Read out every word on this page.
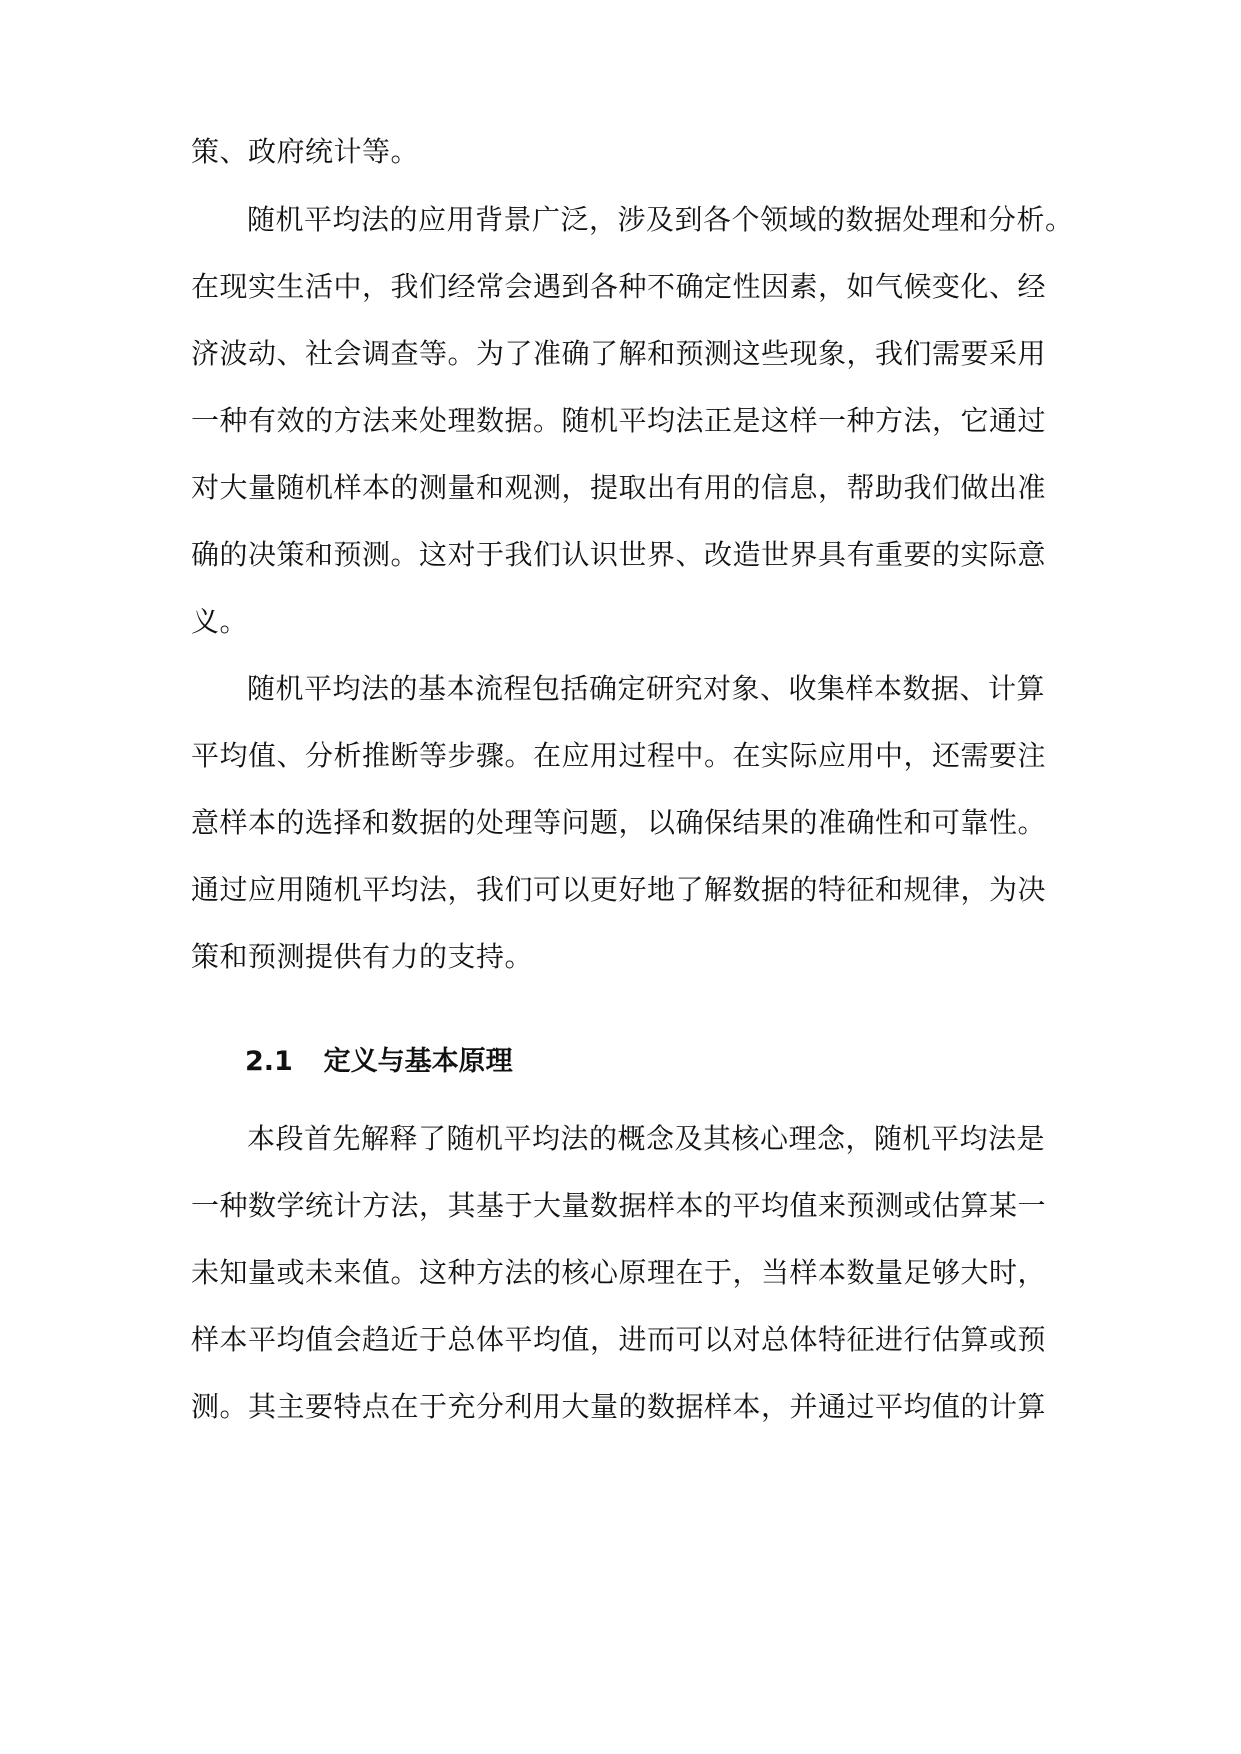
策、政府统计等。
随机平均法的应用背景广泛，涉及到各个领域的数据处理和分析。
在现实生活中，我们经常会遇到各种不确定性因素，如气候变化、经
济波动、社会调查等。为了准确了解和预测这些现象，我们需要采用
一种有效的方法来处理数据。随机平均法正是这样一种方法，它通过
对大量随机样本的测量和观测，提取出有用的信息，帮助我们做出准
确的决策和预测。这对于我们认识世界、改造世界具有重要的实际意
义。
随机平均法的基本流程包括确定研究对象、收集样本数据、计算
平均值、分析推断等步骤。在应用过程中。在实际应用中，还需要注
意样本的选择和数据的处理等问题，以确保结果的准确性和可靠性。
通过应用随机平均法，我们可以更好地了解数据的特征和规律，为决
策和预测提供有力的支持。
2.1 定义与基本原理
本段首先解释了随机平均法的概念及其核心理念，随机平均法是
一种数学统计方法，其基于大量数据样本的平均值来预测或估算某一
未知量或未来值。这种方法的核心原理在于，当样本数量足够大时，
样本平均值会趋近于总体平均值，进而可以对总体特征进行估算或预
测。其主要特点在于充分利用大量的数据样本，并通过平均值的计算
